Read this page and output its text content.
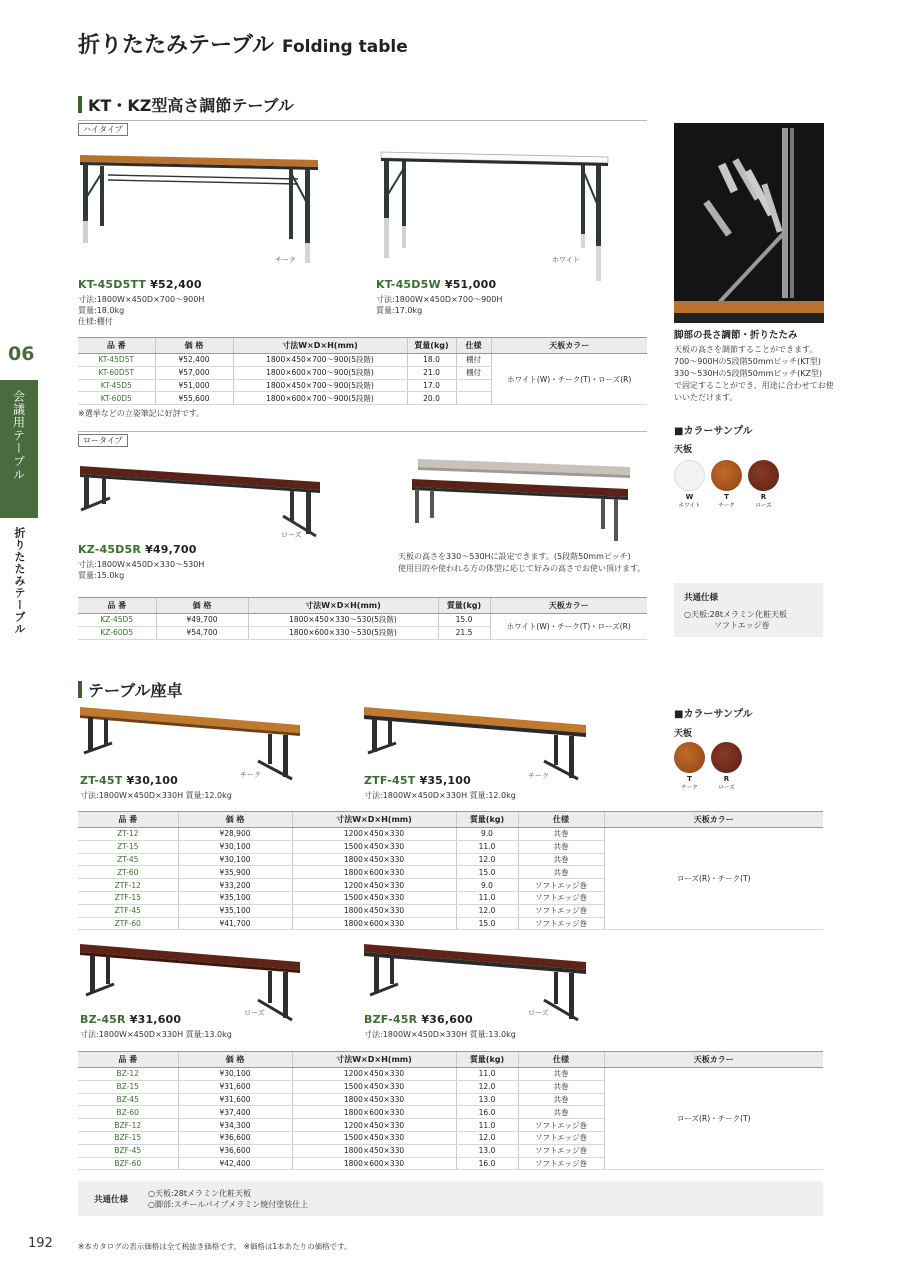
折りたたみテーブル Folding table
06
会議用テーブル
折りたたみテーブル
KT・KZ型高さ調節テーブル
ハイタイプ
チーク	ホワイト
KT-45D5TT ¥52,400
寸法:1800W×450D×700～900H
質量:18.0kg
仕様:棚付
KT-45D5W ¥51,000
寸法:1800W×450D×700～900H
質量:17.0kg
品 番	価 格	寸法W×D×H(mm)	質量(kg)	仕様	天板カラー
KT-45D5T	¥52,400	1800×450×700～900(5段階)	18.0	棚付	ホワイト(W)・チーク(T)・ローズ(R)
KT-60D5T	¥57,000	1800×600×700～900(5段階)	21.0	棚付	
KT-45D5	¥51,000	1800×450×700～900(5段階)	17.0		
KT-60D5	¥55,600	1800×600×700～900(5段階)	20.0		
※選挙などの立姿筆記に好評です。
ロータイプ
ローズ
KZ-45D5R ¥49,700
寸法:1800W×450D×330～530H
質量:15.0kg
天板の高さを330～530Hに設定できます。(5段階50mmピッチ)
使用目的や使われる方の体型に応じて好みの高さでお使い頂けます。
品 番	価 格	寸法W×D×H(mm)	質量(kg)	天板カラー
KZ-45D5	¥49,700	1800×450×330～530(5段階)	15.0	ホワイト(W)・チーク(T)・ローズ(R)
KZ-60D5	¥54,700	1800×600×330～530(5段階)	21.5	
脚部の長さ調節・折りたたみ
天板の高さを調節することができます。
700～900Hの5段階50mmピッチ(KT型)
330～530Hの5段階50mmピッチ(KZ型)
で固定することができ、用途に合わせてお使
いいただけます。
■カラーサンプル
天板
W
ホワイト
T
チーク
R
ローズ
共通仕様
○天板:28tメラミン化粧天板
ソフトエッジ巻
テーブル座卓
■カラーサンプル
天板
T
チーク
R
ローズ
チーク	チーク
ZT-45T ¥30,100
寸法:1800W×450D×330H 質量:12.0kg
ZTF-45T ¥35,100
寸法:1800W×450D×330H 質量:12.0kg
品 番	価 格	寸法W×D×H(mm)	質量(kg)	仕様	天板カラー
ZT-12	¥28,900	1200×450×330	9.0	共巻	ローズ(R)・チーク(T)
ZT-15	¥30,100	1500×450×330	11.0	共巻	
ZT-45	¥30,100	1800×450×330	12.0	共巻	
ZT-60	¥35,900	1800×600×330	15.0	共巻	
ZTF-12	¥33,200	1200×450×330	9.0	ソフトエッジ巻	
ZTF-15	¥35,100	1500×450×330	11.0	ソフトエッジ巻	
ZTF-45	¥35,100	1800×450×330	12.0	ソフトエッジ巻	
ZTF-60	¥41,700	1800×600×330	15.0	ソフトエッジ巻	
ローズ	ローズ
BZ-45R ¥31,600
寸法:1800W×450D×330H 質量:13.0kg
BZF-45R ¥36,600
寸法:1800W×450D×330H 質量:13.0kg
品 番	価 格	寸法W×D×H(mm)	質量(kg)	仕様	天板カラー
BZ-12	¥30,100	1200×450×330	11.0	共巻	ローズ(R)・チーク(T)
BZ-15	¥31,600	1500×450×330	12.0	共巻	
BZ-45	¥31,600	1800×450×330	13.0	共巻	
BZ-60	¥37,400	1800×600×330	16.0	共巻	
BZF-12	¥34,300	1200×450×330	11.0	ソフトエッジ巻	
BZF-15	¥36,600	1500×450×330	12.0	ソフトエッジ巻	
BZF-45	¥36,600	1800×450×330	13.0	ソフトエッジ巻	
BZF-60	¥42,400	1800×600×330	16.0	ソフトエッジ巻	
共通仕様
○天板:28tメラミン化粧天板
○脚部:スチールパイプメラミン焼付塗装仕上
192	※本カタログの表示価格は全て税抜き価格です。 ※価格は1本あたりの価格です。
